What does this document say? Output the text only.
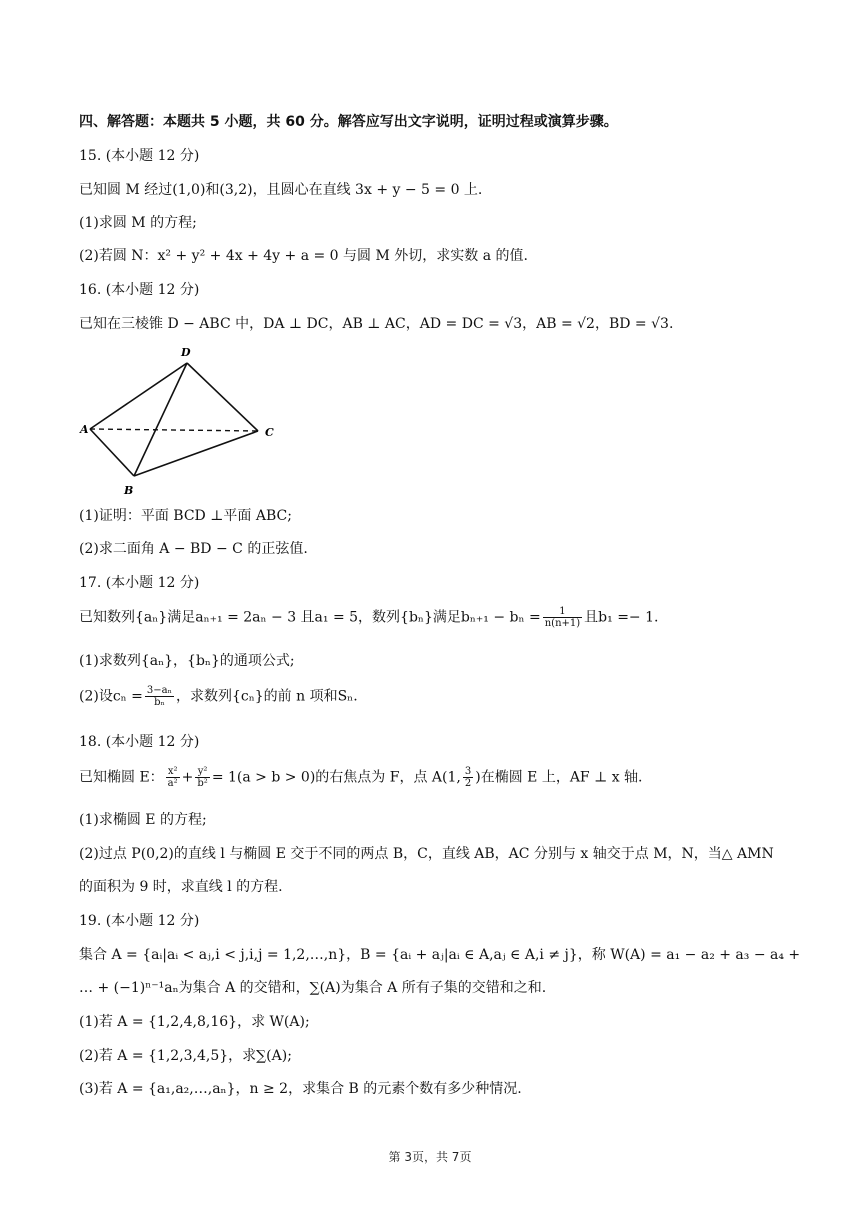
四、解答题：本题共 5 小题，共 60 分。解答应写出文字说明，证明过程或演算步骤。
15. (本小题 12 分)
已知圆 M 经过(1,0)和(3,2)，且圆心在直线 3x + y − 5 = 0 上.
(1)求圆 M 的方程;
(2)若圆 N：x² + y² + 4x + 4y + a = 0 与圆 M 外切，求实数 a 的值.
16. (本小题 12 分)
已知在三棱锥 D − ABC 中，DA ⊥ DC，AB ⊥ AC，AD = DC = √3，AB = √2，BD = √3.
D
A	C
B
(1)证明：平面 BCD ⊥平面 ABC;
(2)求二面角 A − BD − C 的正弦值.
17. (本小题 12 分)
已知数列{aₙ}满足aₙ₊₁ = 2aₙ − 3 且a₁ = 5，数列{bₙ}满足$b_{n+1} - b_n = \frac{1}{n(n+1)}$ 且b₁ =− 1.
(1)求数列{aₙ}，{bₙ}的通项公式;
(2)设$c_n = \frac{\text{3−aₙ}}{\text{bₙ}}$ ，求数列{cₙ}的前 n 项和Sₙ.
18. (本小题 12 分)
已知椭圆 E： $\frac{\text{x²}}{\text{a²}} + \frac{\text{y²}}{\text{b²}} = 1(a > b > 0)$的右焦点为 F，点 A(1, $\frac{3}{2}$ )在椭圆 E 上，AF ⊥ x 轴.
(1)求椭圆 E 的方程;
(2)过点 P(0,2)的直线 l 与椭圆 E 交于不同的两点 B，C，直线 AB，AC 分别与 x 轴交于点 M，N，当△ AMN
的面积为 9 时，求直线 l 的方程.
19. (本小题 12 分)
集合 A = {aᵢ|aᵢ < aⱼ,i < j,i,j = 1,2,…,n}，B = {aᵢ + aⱼ|aᵢ ∈ A,aⱼ ∈ A,i ≠ j}，称 W(A) = a₁ − a₂ + a₃ − a₄ +
… + (−1)ⁿ⁻¹aₙ为集合 A 的交错和，∑(A)为集合 A 所有子集的交错和之和.
(1)若 A = {1,2,4,8,16}，求 W(A);
(2)若 A = {1,2,3,4,5}，求∑(A);
(3)若 A = {a₁,a₂,…,aₙ}，n ≥ 2，求集合 B 的元素个数有多少种情况.
第 3页，共 7页
